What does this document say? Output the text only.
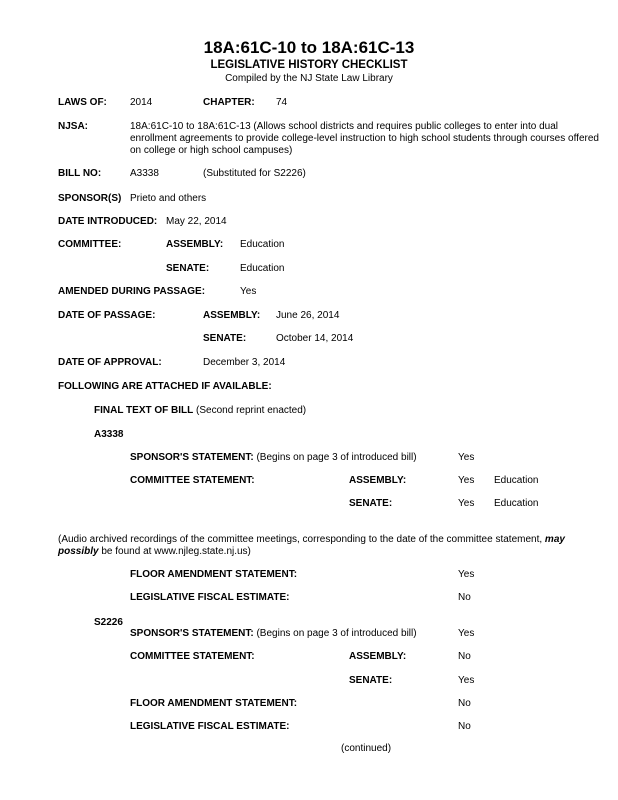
18A:61C-10 to 18A:61C-13
LEGISLATIVE HISTORY CHECKLIST
Compiled by the NJ State Law Library
LAWS OF: 2014	CHAPTER: 74
NJSA:	18A:61C-10 to 18A:61C-13 (Allows school districts and requires public colleges to enter into dual enrollment agreements to provide college-level instruction to high school students through courses offered on college or high school campuses)
BILL NO:	A3338	(Substituted for S2226)
SPONSOR(S) Prieto and others
DATE INTRODUCED: May 22, 2014
COMMITTEE:	ASSEMBLY: Education
SENATE:	Education
AMENDED DURING PASSAGE:	Yes
DATE OF PASSAGE:	ASSEMBLY: June 26, 2014
SENATE:	October 14, 2014
DATE OF APPROVAL:	December 3, 2014
FOLLOWING ARE ATTACHED IF AVAILABLE:
FINAL TEXT OF BILL (Second reprint enacted)
A3338
SPONSOR'S STATEMENT: (Begins on page 3 of introduced bill)	Yes
COMMITTEE STATEMENT:	ASSEMBLY:	Yes Education
SENATE:	Yes Education
(Audio archived recordings of the committee meetings, corresponding to the date of the committee statement, may possibly be found at www.njleg.state.nj.us)
FLOOR AMENDMENT STATEMENT:	Yes
LEGISLATIVE FISCAL ESTIMATE:	No
S2226
SPONSOR'S STATEMENT: (Begins on page 3 of introduced bill)	Yes
COMMITTEE STATEMENT:	ASSEMBLY:	No
SENATE:	Yes
FLOOR AMENDMENT STATEMENT:	No
LEGISLATIVE FISCAL ESTIMATE:	No
(continued)
